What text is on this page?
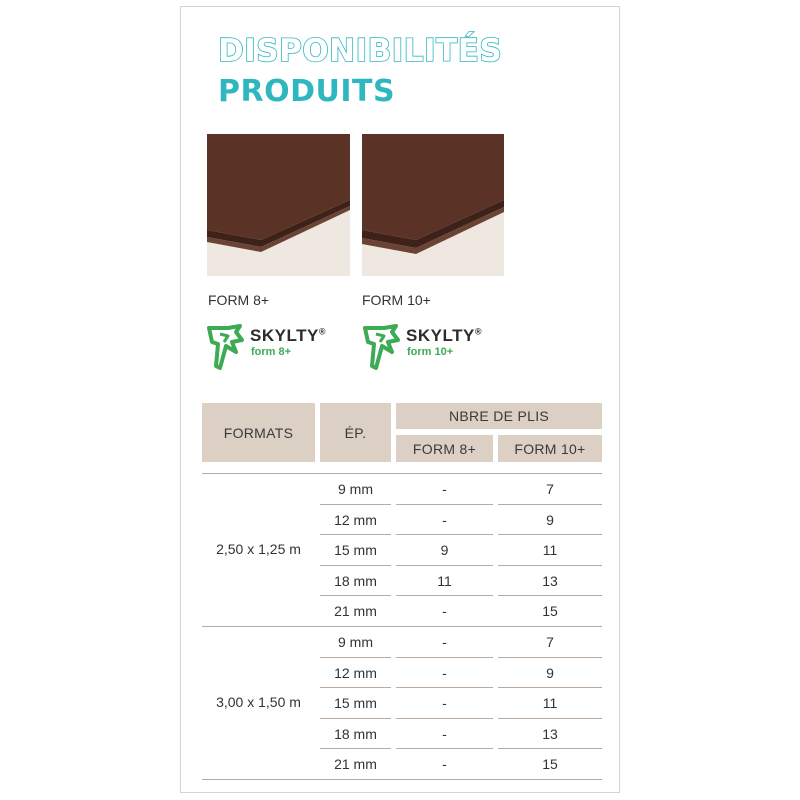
DISPONIBILITÉS
PRODUITS
FORM 8+	FORM 10+
SKYLTY®
form 8+
SKYLTY®
form 10+
FORMATS	ÉP.
NBRE DE PLIS
FORM 8+	FORM 10+
2,50 x 1,25 m
9 mm	-	7
12 mm	-	9
15 mm	9	11
18 mm	11	13
21 mm	-	15
3,00 x 1,50 m
9 mm	-	7
12 mm	-	9
15 mm	-	11
18 mm	-	13
21 mm	-	15
